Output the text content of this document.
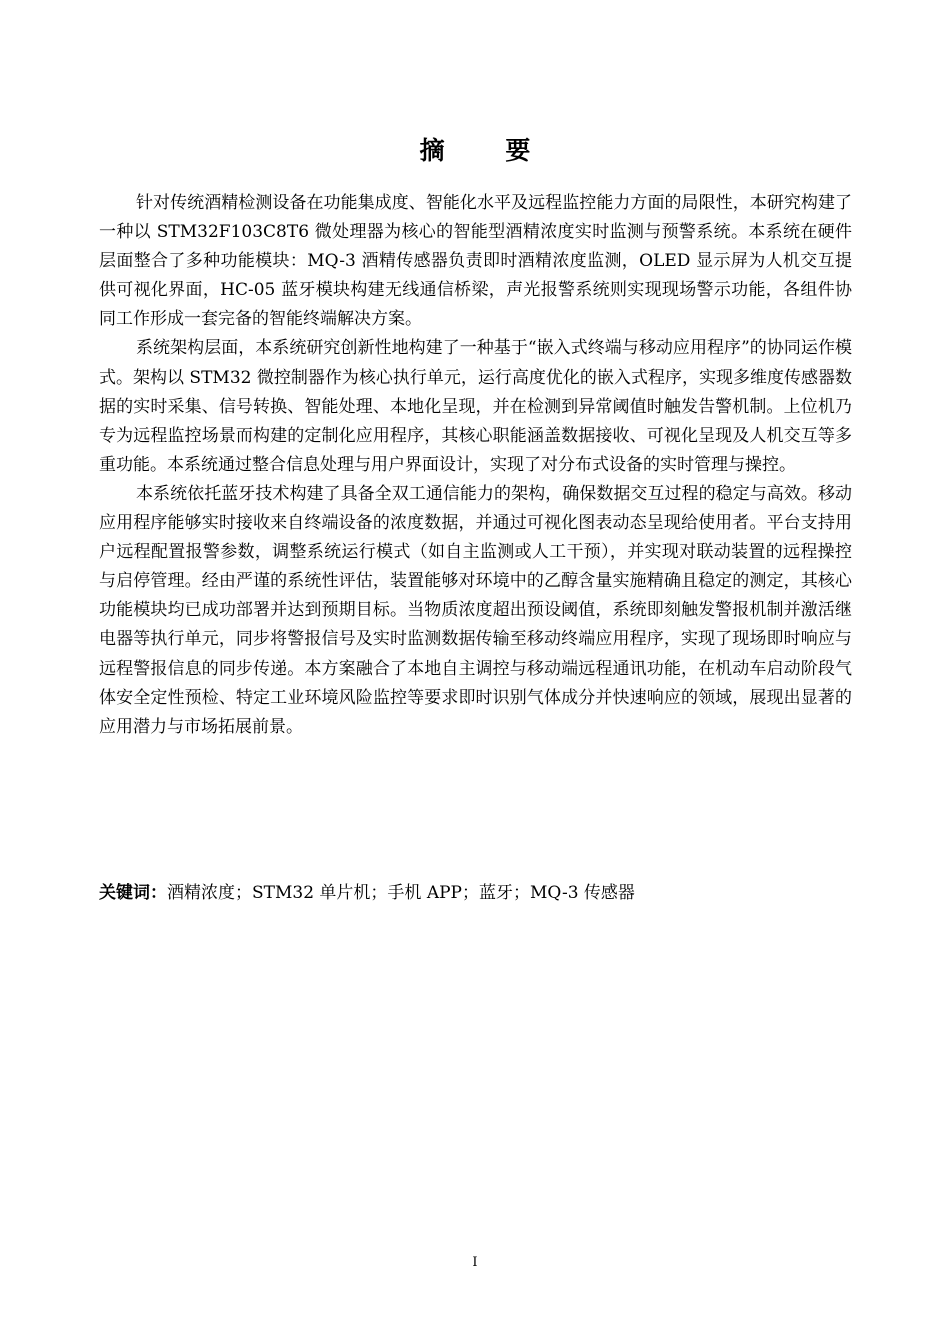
摘 要

针对传统酒精检测设备在功能集成度、智能化水平及远程监控能力方面的局限性，本研究构建了一种以 STM32F103C8T6 微处理器为核心的智能型酒精浓度实时监测与预警系统。本系统在硬件层面整合了多种功能模块：MQ-3 酒精传感器负责即时酒精浓度监测，OLED 显示屏为人机交互提供可视化界面，HC-05 蓝牙模块构建无线通信桥梁，声光报警系统则实现现场警示功能，各组件协同工作形成一套完备的智能终端解决方案。

系统架构层面，本系统研究创新性地构建了一种基于“嵌入式终端与移动应用程序”的协同运作模式。架构以 STM32 微控制器作为核心执行单元，运行高度优化的嵌入式程序，实现多维度传感器数据的实时采集、信号转换、智能处理、本地化呈现，并在检测到异常阈值时触发告警机制。上位机乃专为远程监控场景而构建的定制化应用程序，其核心职能涵盖数据接收、可视化呈现及人机交互等多重功能。本系统通过整合信息处理与用户界面设计，实现了对分布式设备的实时管理与操控。

本系统依托蓝牙技术构建了具备全双工通信能力的架构，确保数据交互过程的稳定与高效。移动应用程序能够实时接收来自终端设备的浓度数据，并通过可视化图表动态呈现给使用者。平台支持用户远程配置报警参数，调整系统运行模式（如自主监测或人工干预），并实现对联动装置的远程操控与启停管理。经由严谨的系统性评估，装置能够对环境中的乙醇含量实施精确且稳定的测定，其核心功能模块均已成功部署并达到预期目标。当物质浓度超出预设阈值，系统即刻触发警报机制并激活继电器等执行单元，同步将警报信号及实时监测数据传输至移动终端应用程序，实现了现场即时响应与远程警报信息的同步传递。本方案融合了本地自主调控与移动端远程通讯功能，在机动车启动阶段气体安全定性预检、特定工业环境风险监控等要求即时识别气体成分并快速响应的领域，展现出显著的应用潜力与市场拓展前景。

关键词：酒精浓度；STM32 单片机；手机 APP；蓝牙；MQ-3 传感器
I
